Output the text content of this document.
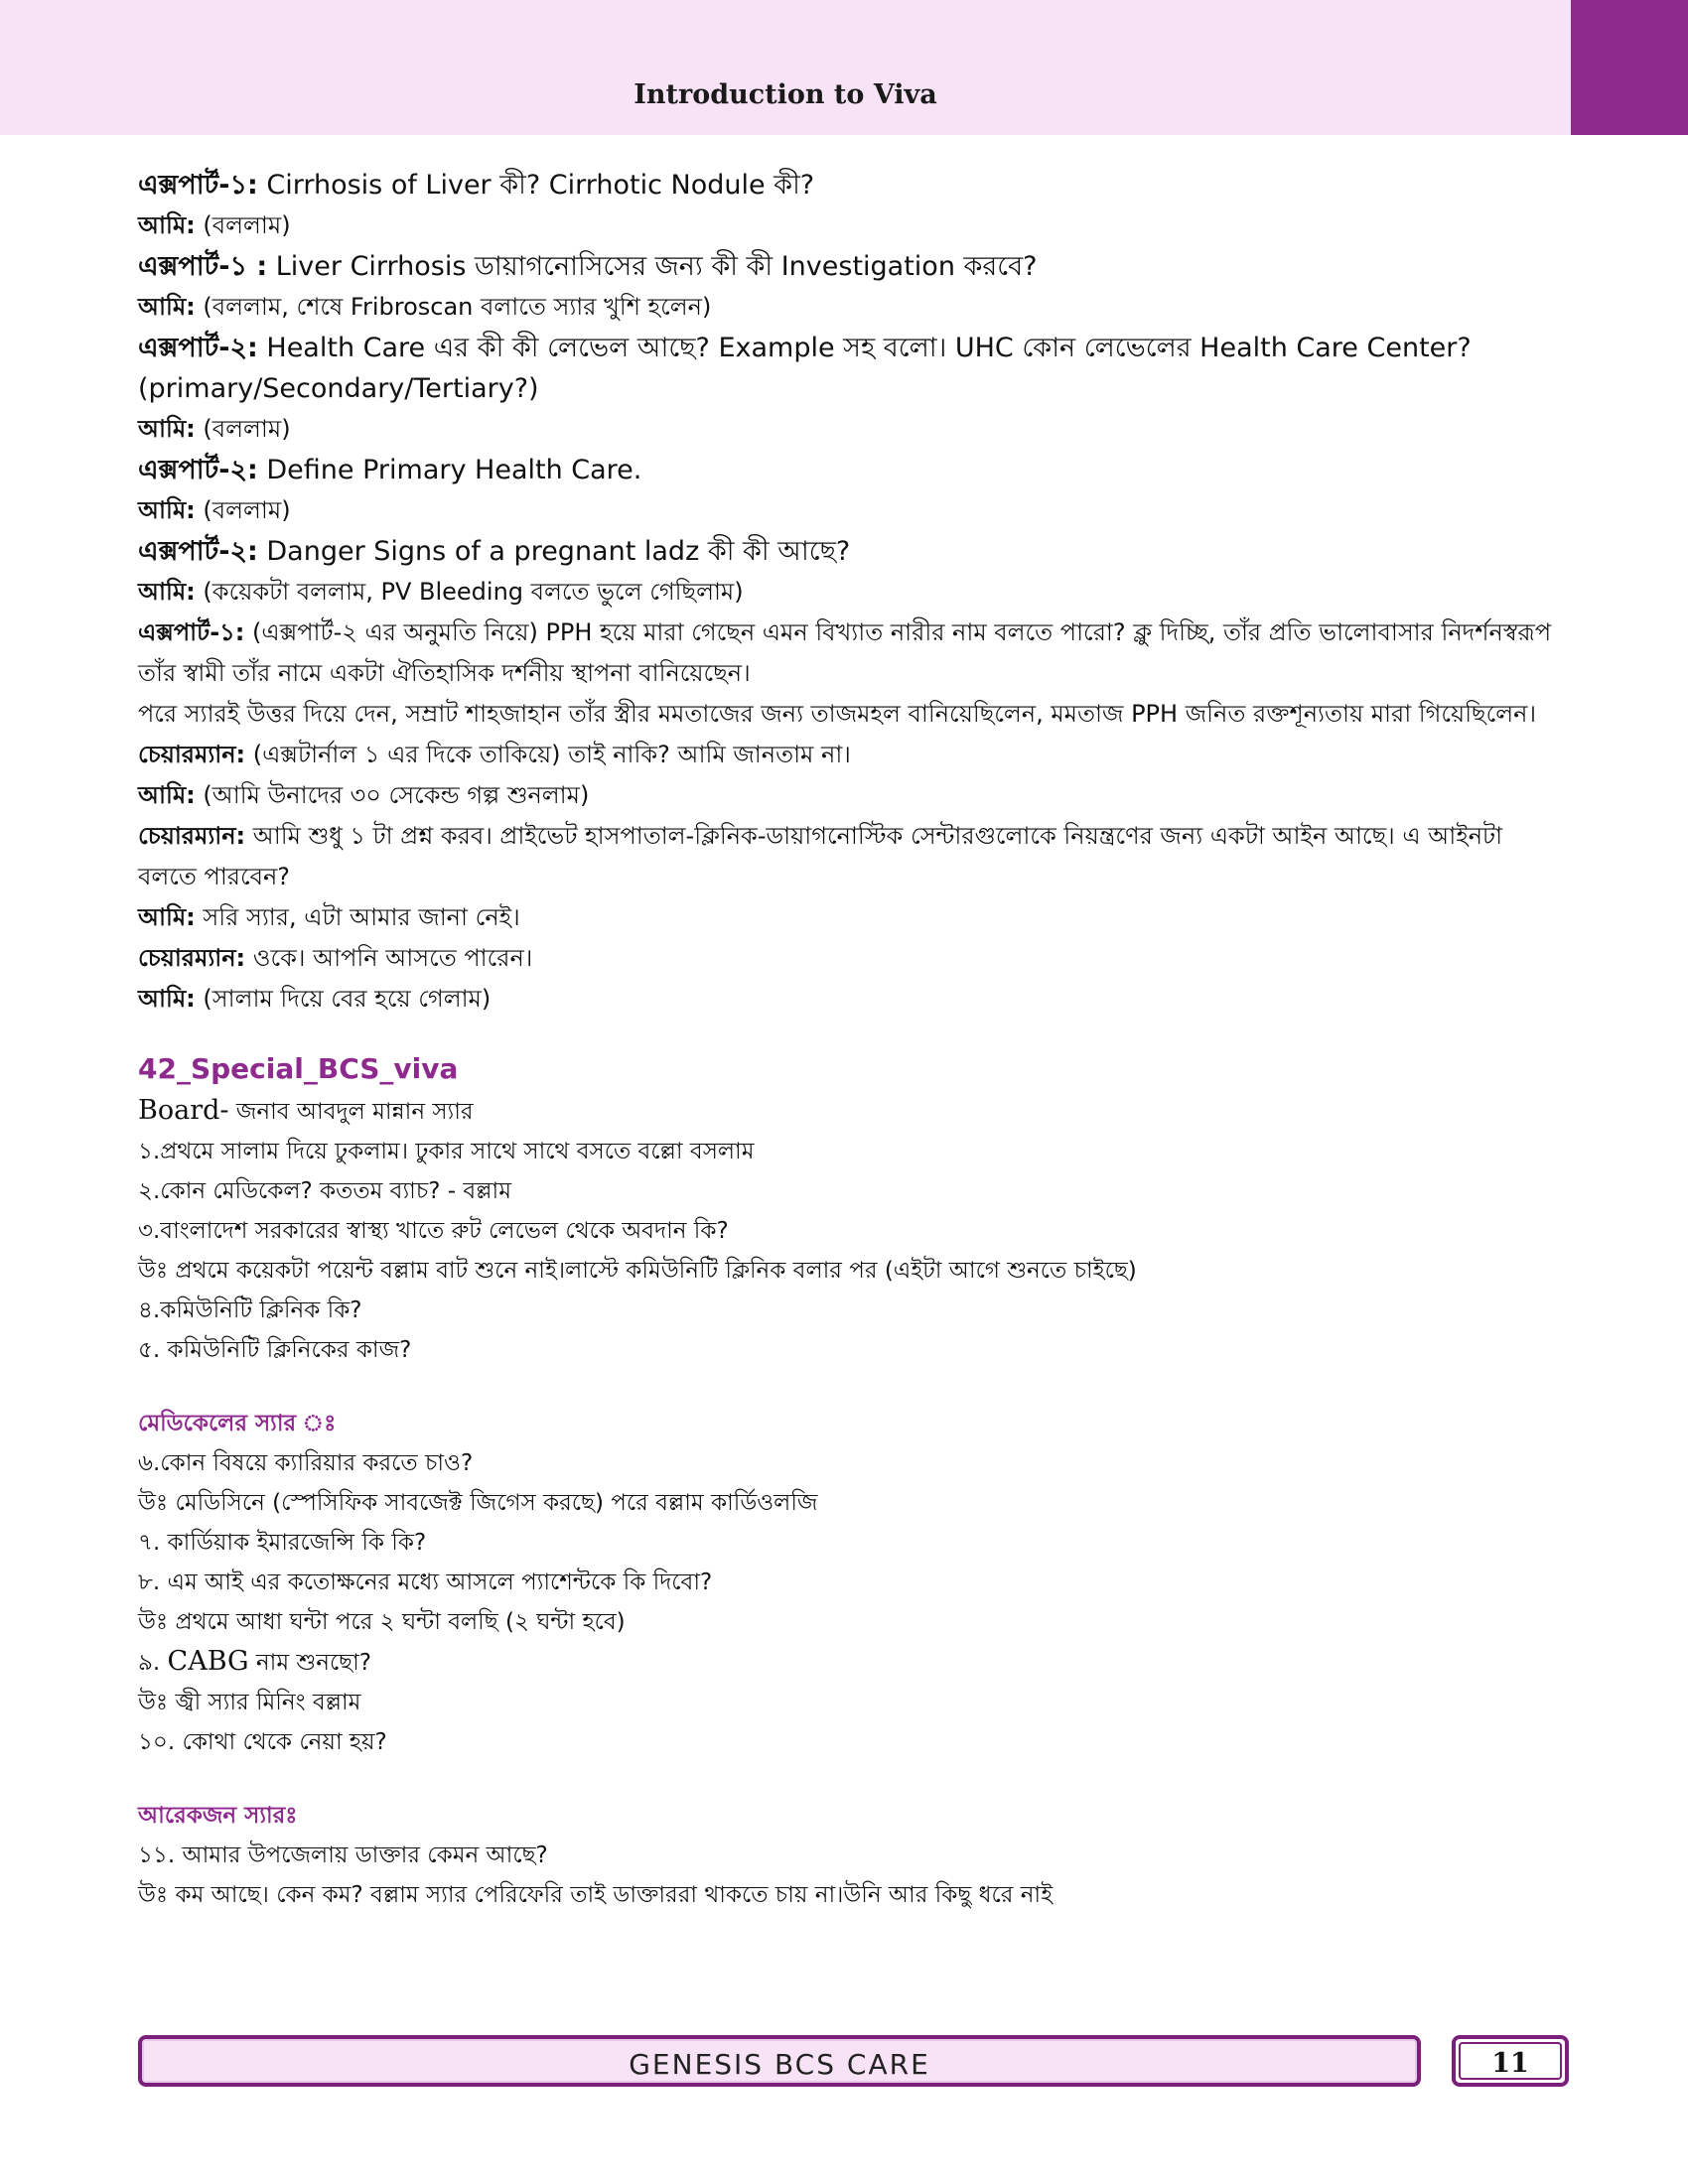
Introduction to Viva

এক্সপার্ট-১: Cirrhosis of Liver কী? Cirrhotic Nodule কী?

আমি: (বললাম)

এক্সপার্ট-১ : Liver Cirrhosis ডায়াগনোসিসের জন্য কী কী Investigation করবে?

আমি: (বললাম, শেষে Fribroscan বলাতে স্যার খুশি হলেন)

এক্সপার্ট-২: Health Care এর কী কী লেভেল আছে? Example সহ বলো। UHC কোন লেভেলের Health Care Center? (primary/Secondary/Tertiary?)

আমি: (বললাম)

এক্সপার্ট-২: Define Primary Health Care.

আমি: (বললাম)

এক্সপার্ট-২: Danger Signs of a pregnant ladz কী কী আছে?

আমি: (কয়েকটা বললাম, PV Bleeding বলতে ভুলে গেছিলাম)

এক্সপার্ট-১: (এক্সপার্ট-২ এর অনুমতি নিয়ে) PPH হয়ে মারা গেছেন এমন বিখ্যাত নারীর নাম বলতে পারো? ক্লু দিচ্ছি, তাঁর প্রতি ভালোবাসার নিদর্শনস্বরূপ তাঁর স্বামী তাঁর নামে একটা ঐতিহাসিক দর্শনীয় স্থাপনা বানিয়েছেন।

পরে স্যারই উত্তর দিয়ে দেন, সম্রাট শাহজাহান তাঁর স্ত্রীর মমতাজের জন্য তাজমহল বানিয়েছিলেন, মমতাজ PPH জনিত রক্তশূন্যতায় মারা গিয়েছিলেন।

চেয়ারম্যান: (এক্সটার্নাল ১ এর দিকে তাকিয়ে) তাই নাকি? আমি জানতাম না।

আমি: (আমি উনাদের ৩০ সেকেন্ড গল্প শুনলাম)

চেয়ারম্যান: আমি শুধু ১ টা প্রশ্ন করব। প্রাইভেট হাসপাতাল-ক্লিনিক-ডায়াগনোস্টিক সেন্টারগুলোকে নিয়ন্ত্রণের জন্য একটা আইন আছে। এ আইনটা বলতে পারবেন?

আমি: সরি স্যার, এটা আমার জানা নেই।

চেয়ারম্যান: ওকে। আপনি আসতে পারেন।

আমি: (সালাম দিয়ে বের হয়ে গেলাম)

42_Special_BCS_viva

Board- জনাব আবদুল মান্নান স্যার

১.প্রথমে সালাম দিয়ে ঢুকলাম। ঢুকার সাথে সাথে বসতে বল্লো বসলাম

২.কোন মেডিকেল? কততম ব্যাচ? - বল্লাম

৩.বাংলাদেশ সরকারের স্বাস্থ্য খাতে রুট লেভেল থেকে অবদান কি?

উঃ প্রথমে কয়েকটা পয়েন্ট বল্লাম বাট শুনে নাই।লাস্টে কমিউনিটি ক্লিনিক বলার পর (এইটা আগে শুনতে চাইছে)

৪.কমিউনিটি ক্লিনিক কি?

৫. কমিউনিটি ক্লিনিকের কাজ?

মেডিকেলের স্যার ঃ

৬.কোন বিষয়ে ক্যারিয়ার করতে চাও?

উঃ মেডিসিনে (স্পেসিফিক সাবজেক্ট জিগেস করছে) পরে বল্লাম কার্ডিওলজি

৭. কার্ডিয়াক ইমারজেন্সি কি কি?

৮. এম আই এর কতোক্ষনের মধ্যে আসলে প্যাশেন্টকে কি দিবো?

উঃ প্রথমে আধা ঘন্টা পরে ২ ঘন্টা বলছি (২ ঘন্টা হবে)

৯. CABG নাম শুনছো?

উঃ জ্বী স্যার মিনিং বল্লাম

১০. কোথা থেকে নেয়া হয়?

আরেকজন স্যারঃ

১১. আমার উপজেলায় ডাক্তার কেমন আছে?

উঃ কম আছে। কেন কম? বল্লাম স্যার পেরিফেরি তাই ডাক্তাররা থাকতে চায় না।উনি আর কিছু ধরে নাই

GENESIS BCS CARE	11
